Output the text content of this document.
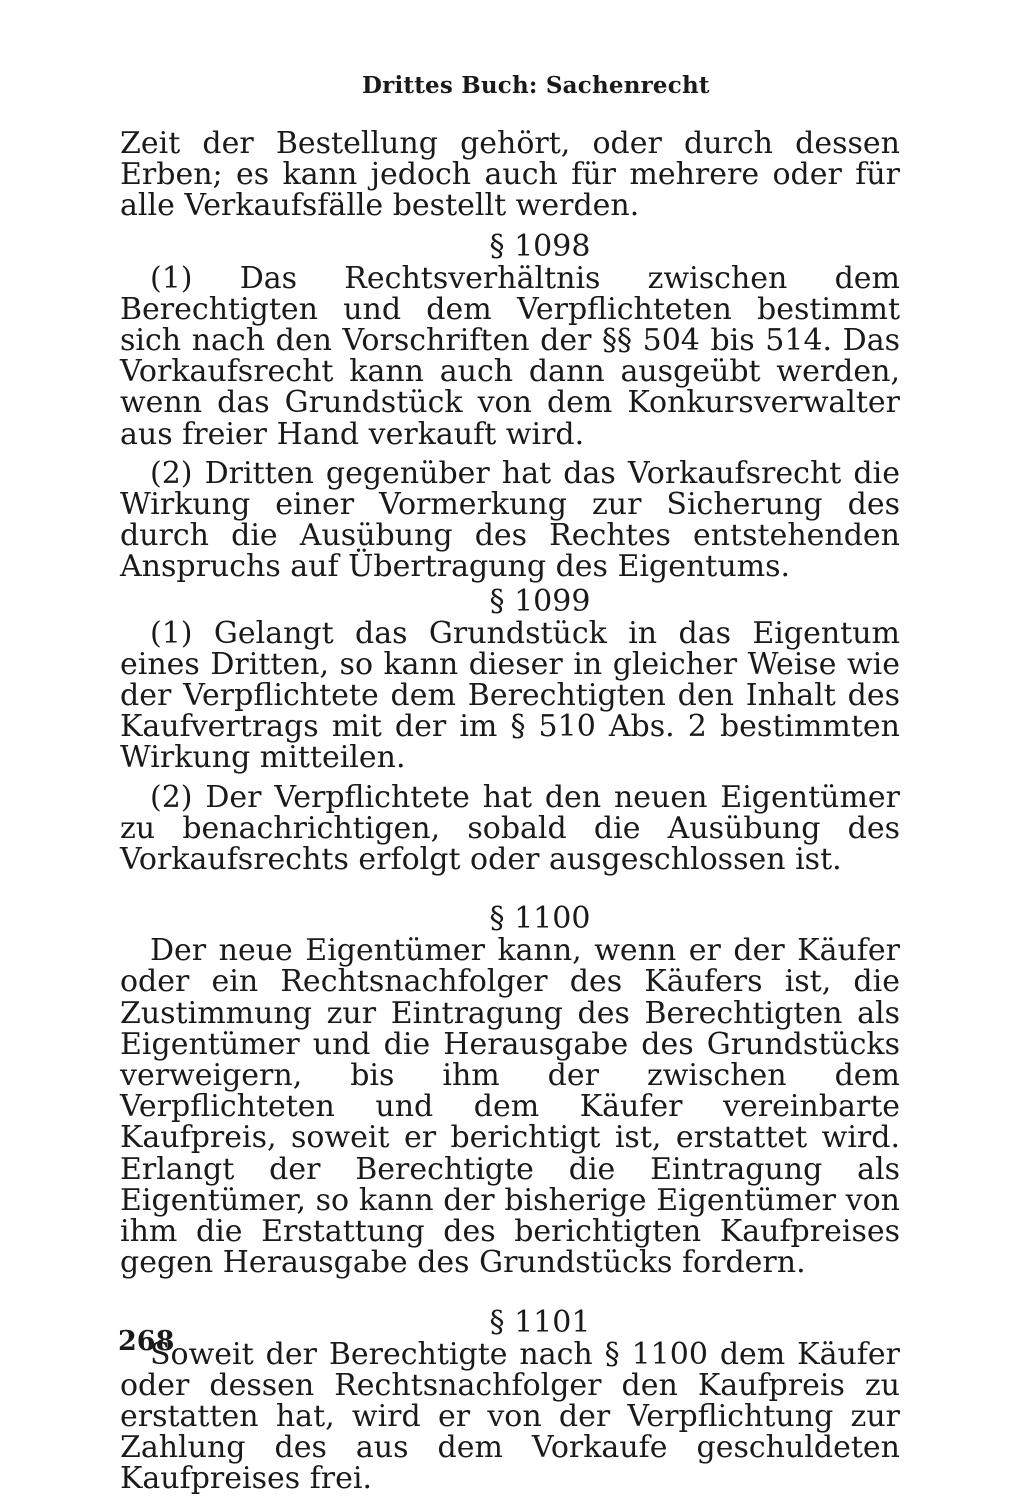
Drittes Buch: Sachenrecht

Zeit der Bestellung gehört, oder durch dessen Erben; es kann jedoch auch für mehrere oder für alle Verkaufsfälle bestellt werden.

§ 1098

(1) Das Rechtsverhältnis zwischen dem Berechtigten und dem Verpflichteten bestimmt sich nach den Vorschriften der §§ 504 bis 514. Das Vorkaufsrecht kann auch dann ausgeübt werden, wenn das Grundstück von dem Konkursverwalter aus freier Hand verkauft wird.

(2) Dritten gegenüber hat das Vorkaufsrecht die Wirkung einer Vormerkung zur Sicherung des durch die Ausübung des Rechtes entstehenden Anspruchs auf Übertragung des Eigentums.

§ 1099

(1) Gelangt das Grundstück in das Eigentum eines Dritten, so kann dieser in gleicher Weise wie der Verpflichtete dem Berechtigten den Inhalt des Kaufvertrags mit der im § 510 Abs. 2 bestimmten Wirkung mitteilen.

(2) Der Verpflichtete hat den neuen Eigentümer zu benachrichtigen, sobald die Ausübung des Vorkaufsrechts erfolgt oder ausgeschlossen ist.

§ 1100

Der neue Eigentümer kann, wenn er der Käufer oder ein Rechtsnachfolger des Käufers ist, die Zustimmung zur Eintragung des Berechtigten als Eigentümer und die Herausgabe des Grundstücks verweigern, bis ihm der zwischen dem Verpflichteten und dem Käufer vereinbarte Kaufpreis, soweit er berichtigt ist, erstattet wird. Erlangt der Berechtigte die Eintragung als Eigentümer, so kann der bisherige Eigentümer von ihm die Erstattung des berichtigten Kaufpreises gegen Herausgabe des Grundstücks fordern.

§ 1101

Soweit der Berechtigte nach § 1100 dem Käufer oder dessen Rechtsnachfolger den Kaufpreis zu erstatten hat, wird er von der Verpflichtung zur Zahlung des aus dem Vorkaufe geschuldeten Kaufpreises frei.

268
